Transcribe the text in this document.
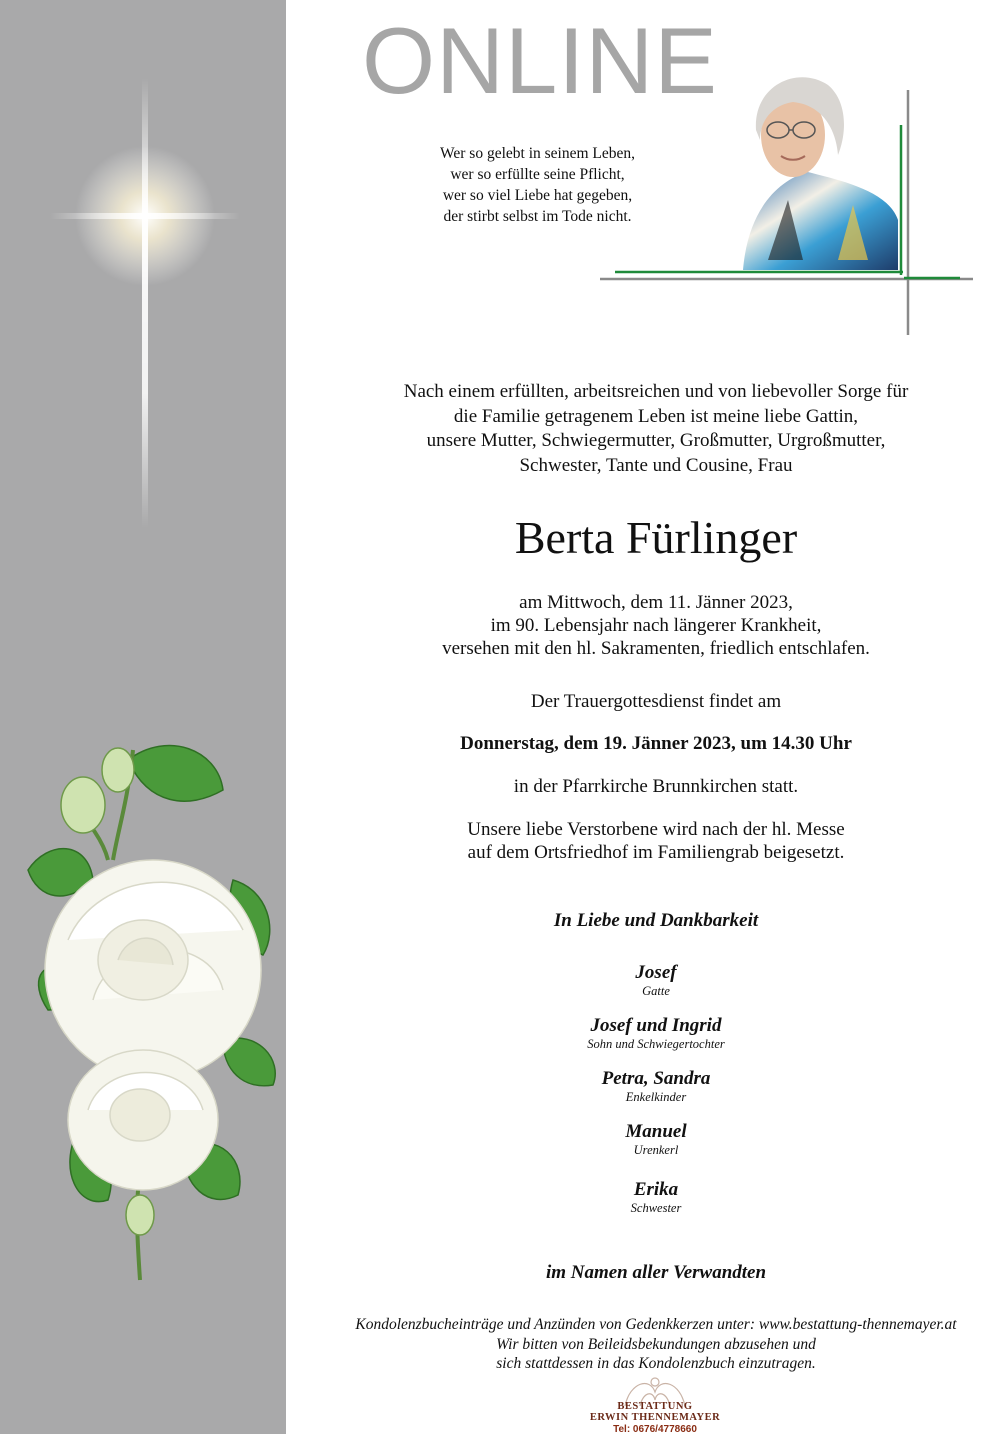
ONLINE
Wer so gelebt in seinem Leben,
wer so erfüllte seine Pflicht,
wer so viel Liebe hat gegeben,
der stirbt selbst im Tode nicht.
Nach einem erfüllten, arbeitsreichen und von liebevoller Sorge für
die Familie getragenem Leben ist meine liebe Gattin,
unsere Mutter, Schwiegermutter, Großmutter, Urgroßmutter,
Schwester, Tante und Cousine, Frau
Berta Fürlinger
am Mittwoch, dem 11. Jänner 2023,
im 90. Lebensjahr nach längerer Krankheit,
versehen mit den hl. Sakramenten, friedlich entschlafen.
Der Trauergottesdienst findet am
Donnerstag, dem 19. Jänner 2023, um 14.30 Uhr
in der Pfarrkirche Brunnkirchen statt.
Unsere liebe Verstorbene wird nach der hl. Messe
auf dem Ortsfriedhof im Familiengrab beigesetzt.
In Liebe und Dankbarkeit
Josef
Gatte
Josef und Ingrid
Sohn und Schwiegertochter
Petra, Sandra
Enkelkinder
Manuel
Urenkerl
Erika
Schwester
im Namen aller Verwandten
Kondolenzbucheinträge und Anzünden von Gedenkkerzen unter: www.bestattung-thennemayer.at
Wir bitten von Beileidsbekundungen abzusehen und
sich stattdessen in das Kondolenzbuch einzutragen.
BESTATTUNG
ERWIN THENNEMAYER
Tel: 0676/4778660
